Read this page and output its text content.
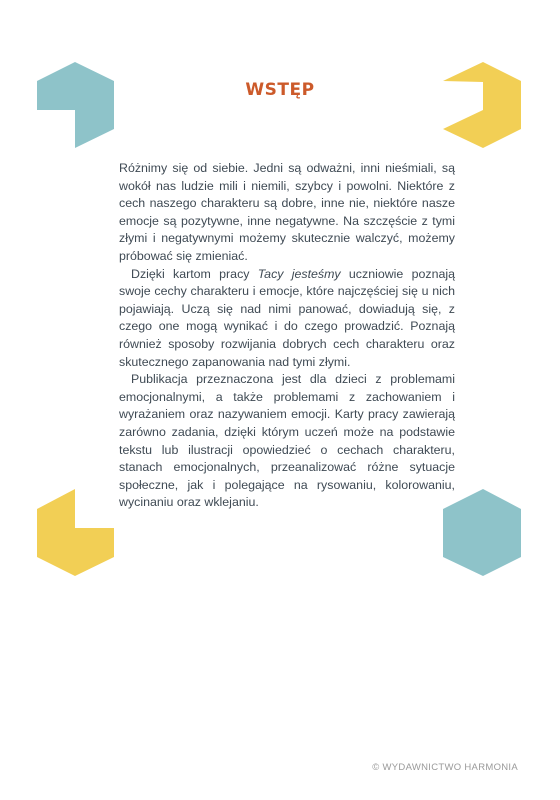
WSTĘP

Różnimy się od siebie. Jedni są odważni, inni nieśmiali, są wokół nas ludzie mili i niemili, szybcy i powolni. Niektóre z cech naszego charakteru są dobre, inne nie, niektóre nasze emocje są pozytywne, inne negatywne. Na szczęście z tymi złymi i negatywnymi możemy skutecznie walczyć, możemy próbować się zmieniać.

Dzięki kartom pracy Tacy jesteśmy uczniowie poznają swoje cechy charakteru i emocje, które najczęściej się u nich pojawiają. Uczą się nad nimi panować, dowiadują się, z czego one mogą wynikać i do czego prowadzić. Poznają również sposoby rozwijania dobrych cech charakteru oraz skutecznego zapanowania nad tymi złymi.

Publikacja przeznaczona jest dla dzieci z problemami emocjonalnymi, a także problemami z zachowaniem i wyrażaniem oraz nazywaniem emocji. Karty pracy zawierają zarówno zadania, dzięki którym uczeń może na podstawie tekstu lub ilustracji opowiedzieć o cechach charakteru, stanach emocjonalnych, przeanalizować różne sytuacje społeczne, jak i polegające na rysowaniu, kolorowaniu, wycinaniu oraz wklejaniu.

© WYDAWNICTWO HARMONIA
